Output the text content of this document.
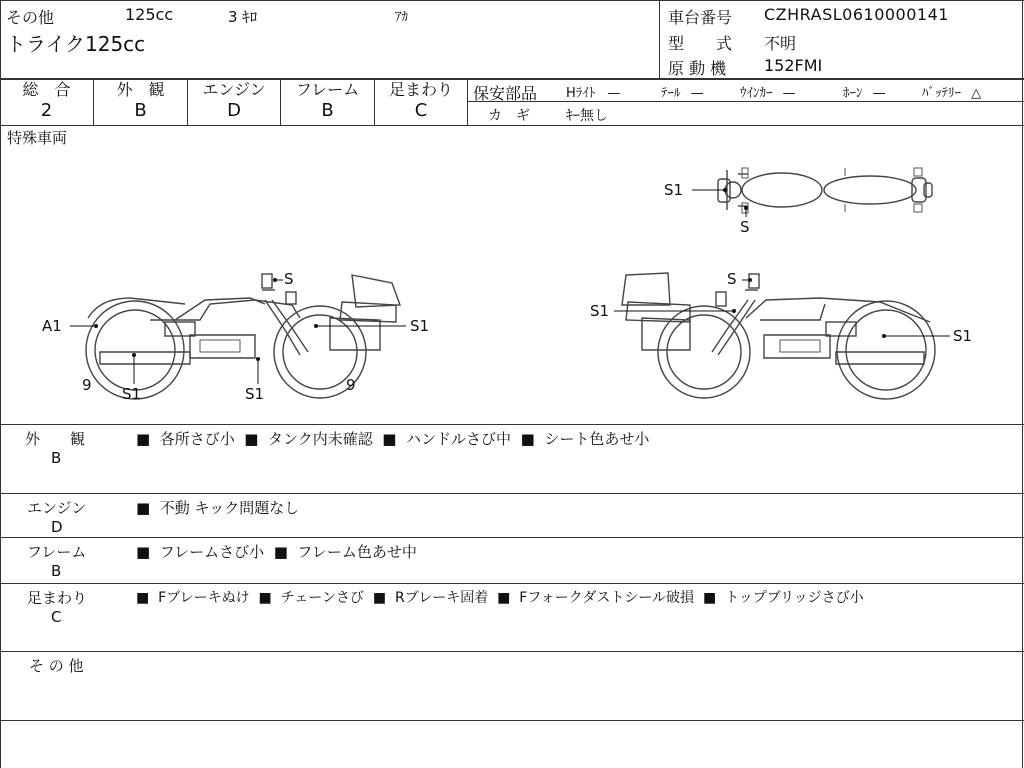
その他	125cc	3 ｷﾛ	ｱｶ
トライク125cc
車台番号 CZHRASL0610000141
型　　式 不明
原 動 機 152FMI
総　合
2
外　観
B
エンジン
D
フレーム
B
足まわり
C
保安部品 Hﾗｲﾄ —	ﾃｰﾙ —	ｳｲﾝｶｰ —	ﾎｰﾝ —	ﾊﾞｯﾃﾘｰ △
カ　ギ	ｷｰ無し
特殊車両
S1
S
A1
S
S1
9 S1	S1	9
S
S1
S1
外　　観
B
■ 各所さび小 ■ タンク内未確認 ■ ハンドルさび中 ■ シート色あせ小
エンジン
D
■ 不動 キック問題なし
フレーム
B
■ フレームさび小 ■ フレーム色あせ中
足まわり
C
■ Fブレーキぬけ ■ チェーンさび ■ Rブレーキ固着 ■ Fフォークダストシール破損 ■ トップブリッジさび小
そ の 他
